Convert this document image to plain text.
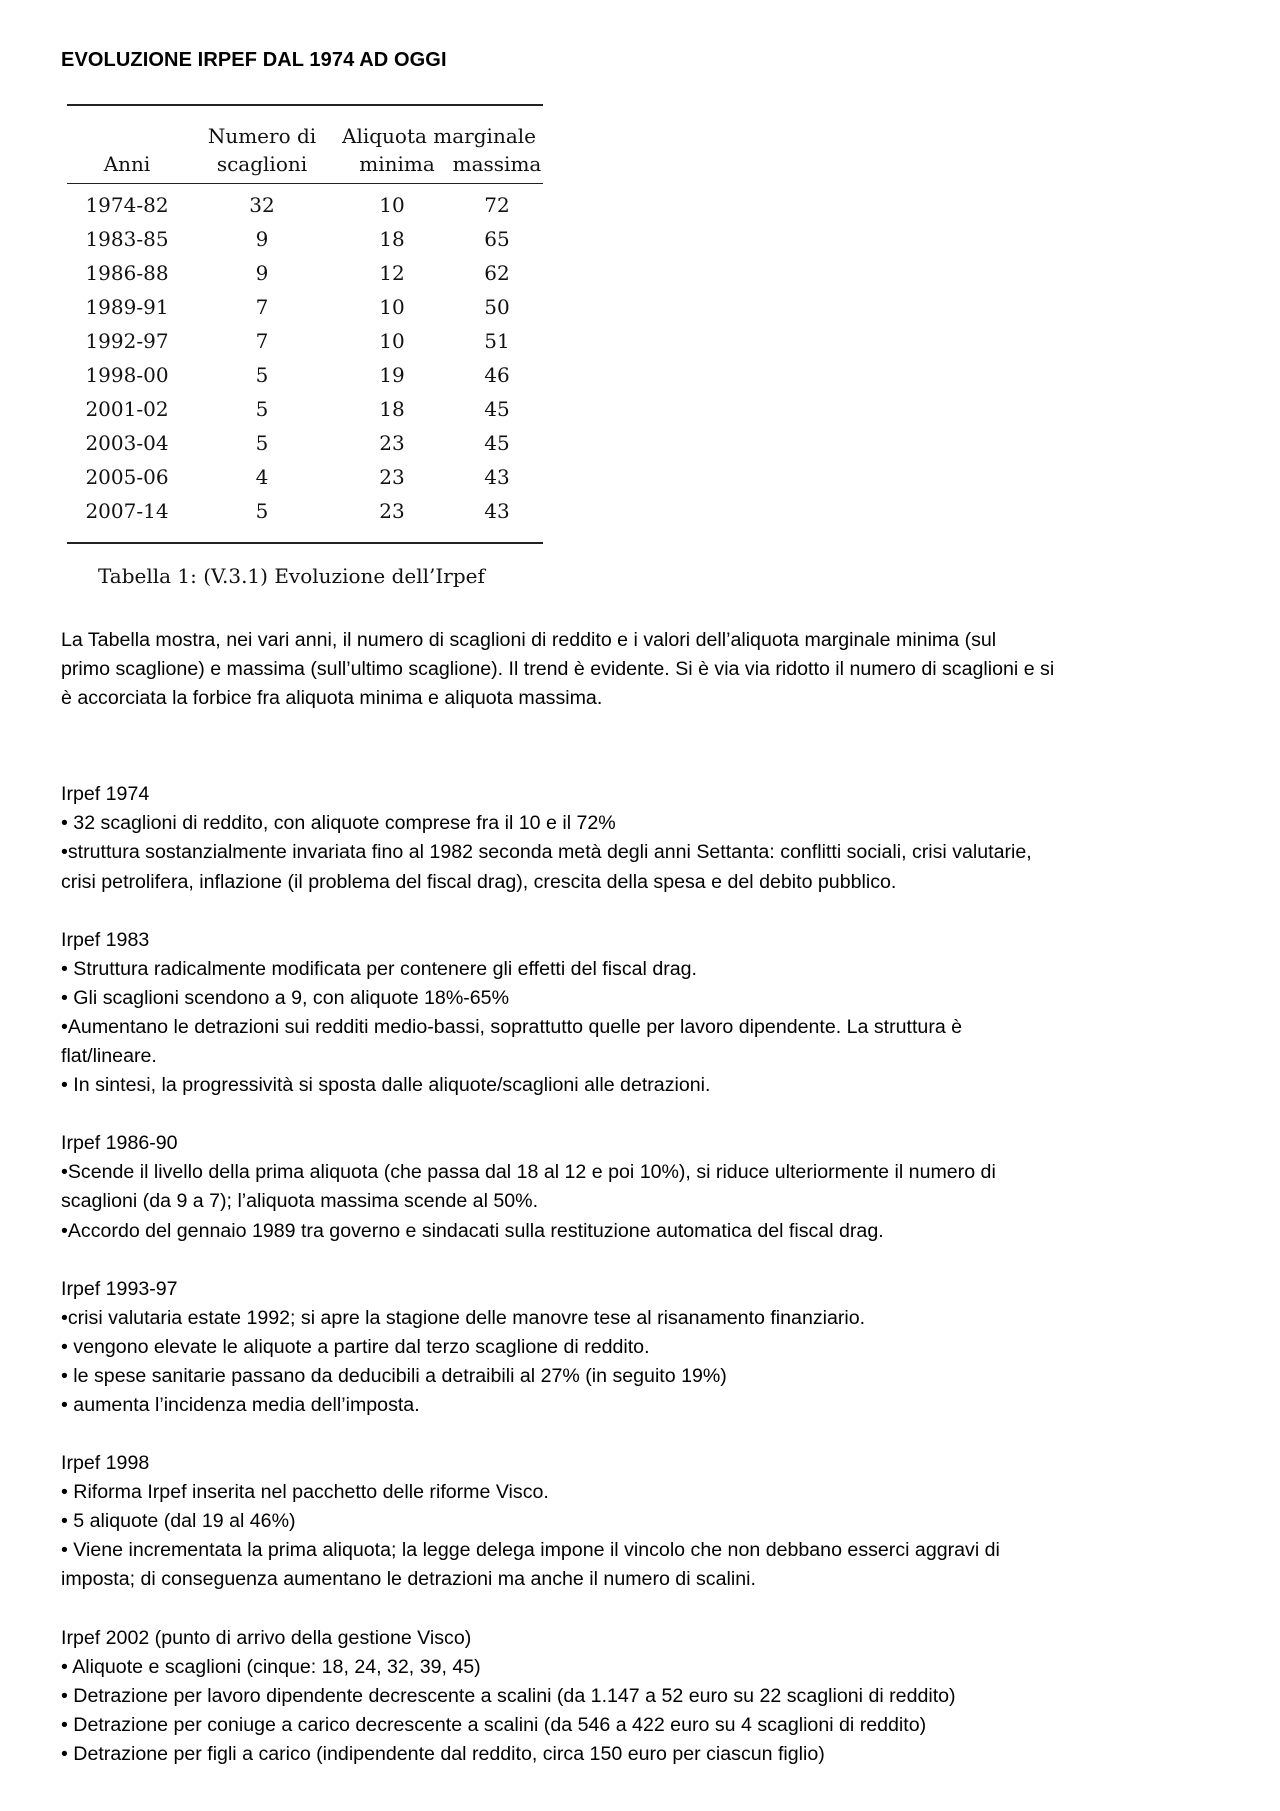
EVOLUZIONE IRPEF DAL 1974 AD OGGI
Anni
Numero di
scaglioni
Aliquota marginale
minima massima
1974-82	32	10	72
1983-85	9	18	65
1986-88	9	12	62
1989-91	7	10	50
1992-97	7	10	51
1998-00	5	19	46
2001-02	5	18	45
2003-04	5	23	45
2005-06	4	23	43
2007-14	5	23	43
Tabella 1: (V.3.1) Evoluzione dell’Irpef

La Tabella mostra, nei vari anni, il numero di scaglioni di reddito e i valori dell’aliquota marginale minima (sul

primo scaglione) e massima (sull’ultimo scaglione). Il trend è evidente. Si è via via ridotto il numero di scaglioni e si

è accorciata la forbice fra aliquota minima e aliquota massima.

Irpef 1974

• 32 scaglioni di reddito, con aliquote comprese fra il 10 e il 72%

•struttura sostanzialmente invariata fino al 1982 seconda metà degli anni Settanta: conflitti sociali, crisi valutarie,

crisi petrolifera, inflazione (il problema del fiscal drag), crescita della spesa e del debito pubblico.

Irpef 1983

• Struttura radicalmente modificata per contenere gli effetti del fiscal drag.

• Gli scaglioni scendono a 9, con aliquote 18%-65%

•Aumentano le detrazioni sui redditi medio-bassi, soprattutto quelle per lavoro dipendente. La struttura è

flat/lineare.

• In sintesi, la progressività si sposta dalle aliquote/scaglioni alle detrazioni.

Irpef 1986-90

•Scende il livello della prima aliquota (che passa dal 18 al 12 e poi 10%), si riduce ulteriormente il numero di

scaglioni (da 9 a 7); l’aliquota massima scende al 50%.

•Accordo del gennaio 1989 tra governo e sindacati sulla restituzione automatica del fiscal drag.

Irpef 1993-97

•crisi valutaria estate 1992; si apre la stagione delle manovre tese al risanamento finanziario.

• vengono elevate le aliquote a partire dal terzo scaglione di reddito.

• le spese sanitarie passano da deducibili a detraibili al 27% (in seguito 19%)

• aumenta l’incidenza media dell’imposta.

Irpef 1998

• Riforma Irpef inserita nel pacchetto delle riforme Visco.

• 5 aliquote (dal 19 al 46%)

• Viene incrementata la prima aliquota; la legge delega impone il vincolo che non debbano esserci aggravi di

imposta; di conseguenza aumentano le detrazioni ma anche il numero di scalini.

Irpef 2002 (punto di arrivo della gestione Visco)

• Aliquote e scaglioni (cinque: 18, 24, 32, 39, 45)

• Detrazione per lavoro dipendente decrescente a scalini (da 1.147 a 52 euro su 22 scaglioni di reddito)

• Detrazione per coniuge a carico decrescente a scalini (da 546 a 422 euro su 4 scaglioni di reddito)

• Detrazione per figli a carico (indipendente dal reddito, circa 150 euro per ciascun figlio)
